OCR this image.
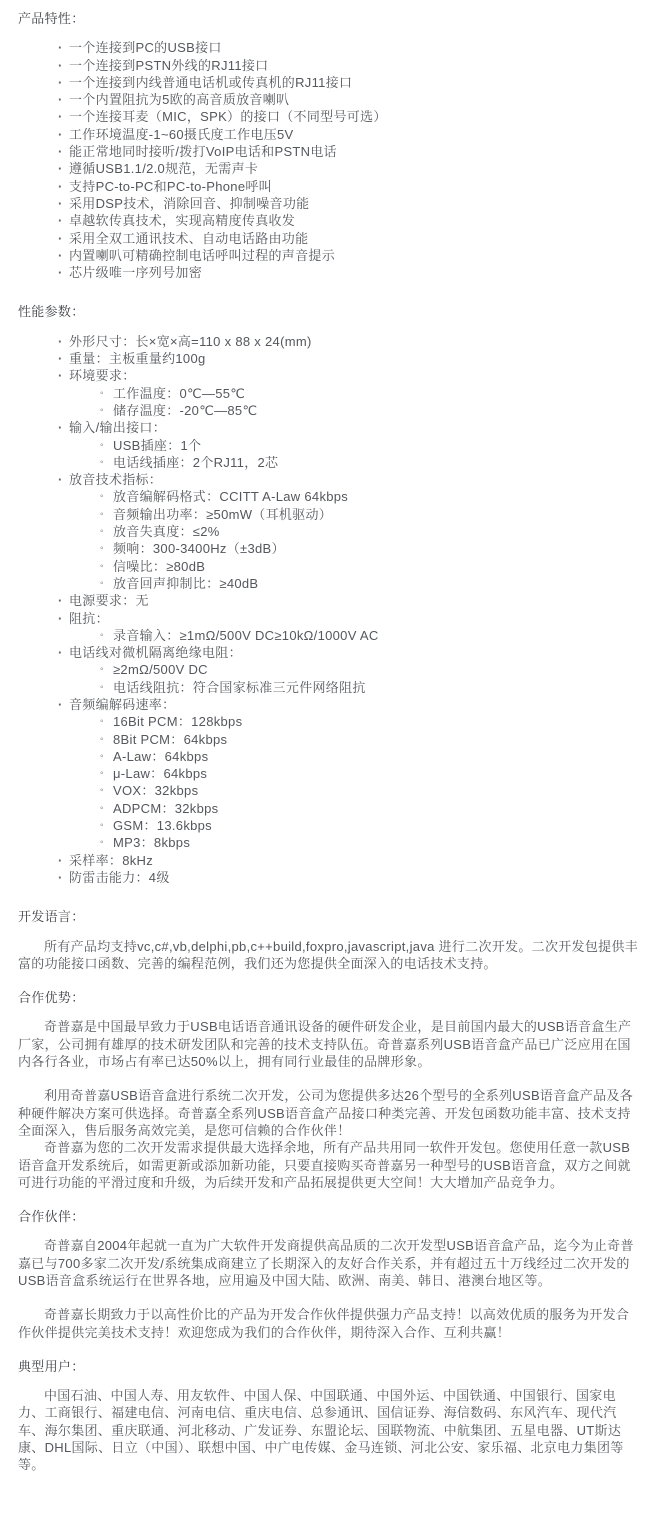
产品特性：
· 一个连接到PC的USB接口
· 一个连接到PSTN外线的RJ11接口
· 一个连接到内线普通电话机或传真机的RJ11接口
· 一个内置阻抗为5欧的高音质放音喇叭
· 一个连接耳麦（MIC，SPK）的接口（不同型号可选）
· 工作环境温度-1~60摄氏度工作电压5V
· 能正常地同时接听/拨打VoIP电话和PSTN电话
· 遵循USB1.1/2.0规范，无需声卡
· 支持PC-to-PC和PC-to-Phone呼叫
· 采用DSP技术，消除回音、抑制噪音功能
· 卓越软传真技术，实现高精度传真收发
· 采用全双工通讯技术、自动电话路由功能
· 内置喇叭可精确控制电话呼叫过程的声音提示
· 芯片级唯一序列号加密
性能参数：
· 外形尺寸：长×宽×高=110 x 88 x 24(mm)
· 重量：主板重量约100g
· 环境要求：
◦ 工作温度：0℃—55℃
◦ 储存温度：-20℃—85℃
· 输入/输出接口：
◦ USB插座：1个
◦ 电话线插座：2个RJ11，2芯
· 放音技术指标：
◦ 放音编解码格式：CCITT A-Law 64kbps
◦ 音频输出功率：≥50mW（耳机驱动）
◦ 放音失真度：≤2%
◦ 频响：300-3400Hz（±3dB）
◦ 信噪比：≥80dB
◦ 放音回声抑制比：≥40dB
· 电源要求：无
· 阻抗：
◦ 录音输入：≥1mΩ/500V DC≥10kΩ/1000V AC
· 电话线对微机隔离绝缘电阻：
◦ ≥2mΩ/500V DC
◦ 电话线阻抗：符合国家标准三元件网络阻抗
· 音频编解码速率：
◦ 16Bit PCM：128kbps
◦ 8Bit PCM：64kbps
◦ A-Law：64kbps
◦ μ-Law：64kbps
◦ VOX：32kbps
◦ ADPCM：32kbps
◦ GSM：13.6kbps
◦ MP3：8kbps
· 采样率：8kHz
· 防雷击能力：4级
开发语言：

所有产品均支持vc,c#,vb,delphi,pb,c++build,foxpro,javascript,java 进行二次开发。二次开发包提供丰富的功能接口函数、完善的编程范例，我们还为您提供全面深入的电话技术支持。

合作优势：

奇普嘉是中国最早致力于USB电话语音通讯设备的硬件研发企业，是目前国内最大的USB语音盒生产厂家，公司拥有雄厚的技术研发团队和完善的技术支持队伍。奇普嘉系列USB语音盒产品已广泛应用在国内各行各业，市场占有率已达50%以上，拥有同行业最佳的品牌形象。

利用奇普嘉USB语音盒进行系统二次开发，公司为您提供多达26个型号的全系列USB语音盒产品及各种硬件解决方案可供选择。奇普嘉全系列USB语音盒产品接口种类完善、开发包函数功能丰富、技术支持全面深入，售后服务高效完美，是您可信赖的合作伙伴！

奇普嘉为您的二次开发需求提供最大选择余地，所有产品共用同一软件开发包。您使用任意一款USB语音盒开发系统后，如需更新或添加新功能，只要直接购买奇普嘉另一种型号的USB语音盒，双方之间就可进行功能的平滑过度和升级，为后续开发和产品拓展提供更大空间！大大增加产品竞争力。

合作伙伴：

奇普嘉自2004年起就一直为广大软件开发商提供高品质的二次开发型USB语音盒产品，迄今为止奇普嘉已与700多家二次开发/系统集成商建立了长期深入的友好合作关系，并有超过五十万线经过二次开发的USB语音盒系统运行在世界各地，应用遍及中国大陆、欧洲、南美、韩日、港澳台地区等。

奇普嘉长期致力于以高性价比的产品为开发合作伙伴提供强力产品支持！以高效优质的服务为开发合作伙伴提供完美技术支持！欢迎您成为我们的合作伙伴，期待深入合作、互利共赢！

典型用户：

中国石油、中国人寿、用友软件、中国人保、中国联通、中国外运、中国铁通、中国银行、国家电力、工商银行、福建电信、河南电信、重庆电信、总参通讯、国信证券、海信数码、东风汽车、现代汽车、海尔集团、重庆联通、河北移动、广发证券、东盟论坛、国联物流、中航集团、五星电器、UT斯达康、DHL国际、日立（中国）、联想中国、中广电传媒、金马连锁、河北公安、家乐福、北京电力集团等等。
